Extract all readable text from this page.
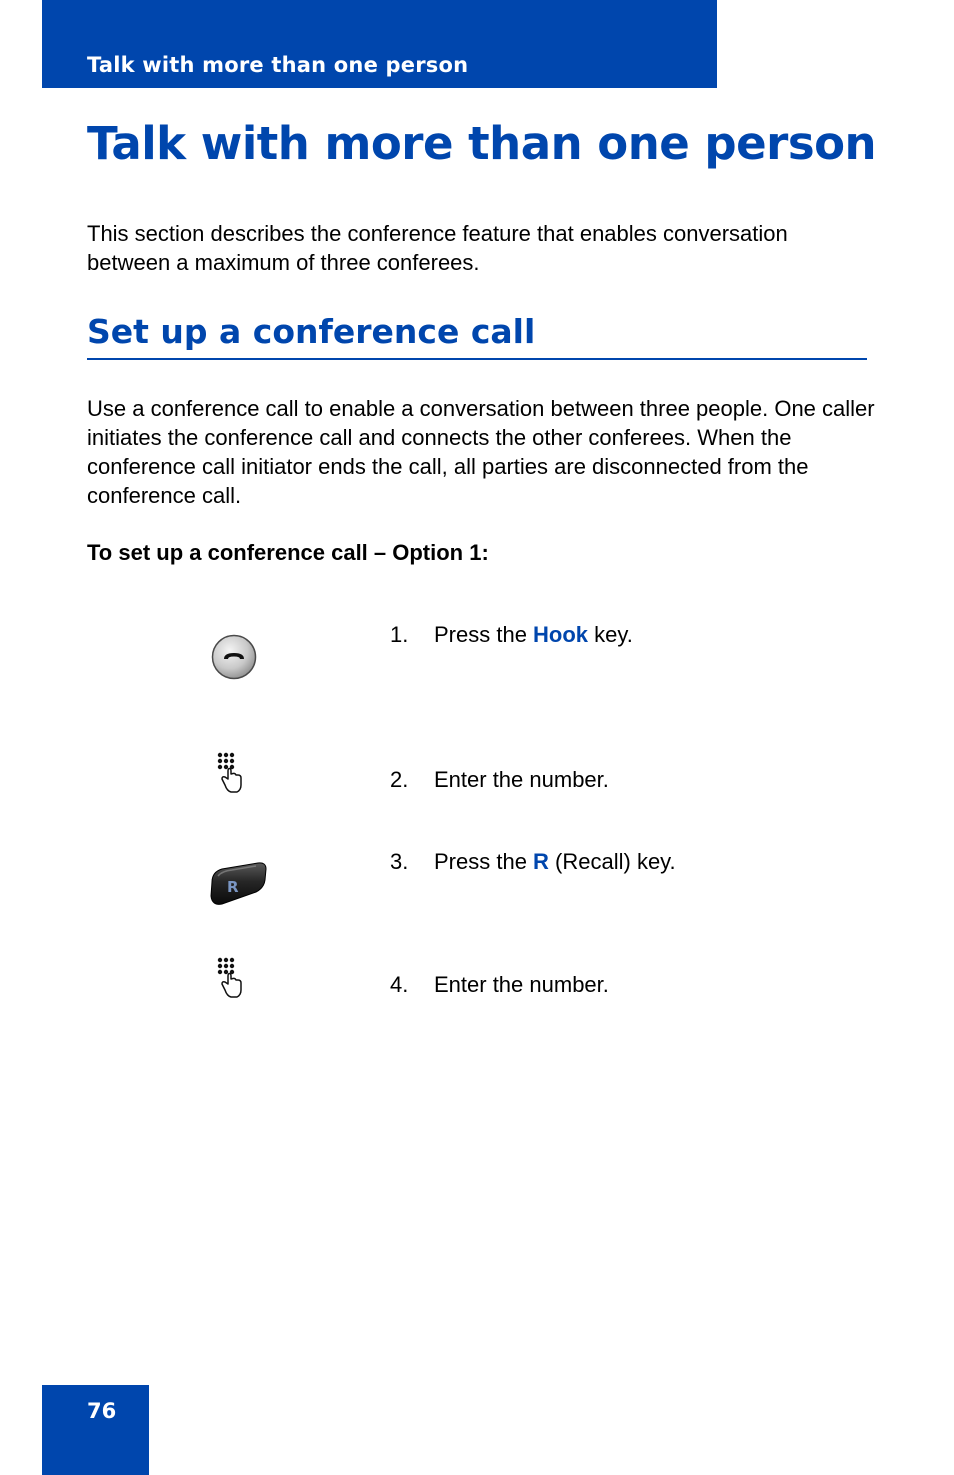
Talk with more than one person
Talk with more than one person

This section describes the conference feature that enables conversation between a maximum of three conferees.

Set up a conference call

Use a conference call to enable a conversation between three people. One caller initiates the conference call and connects the other conferees. When the conference call initiator ends the call, all parties are disconnected from the conference call.

To set up a conference call – Option 1:

1. Press the Hook key.
2. Enter the number.
R
3. Press the R (Recall) key.
4. Enter the number.
76
